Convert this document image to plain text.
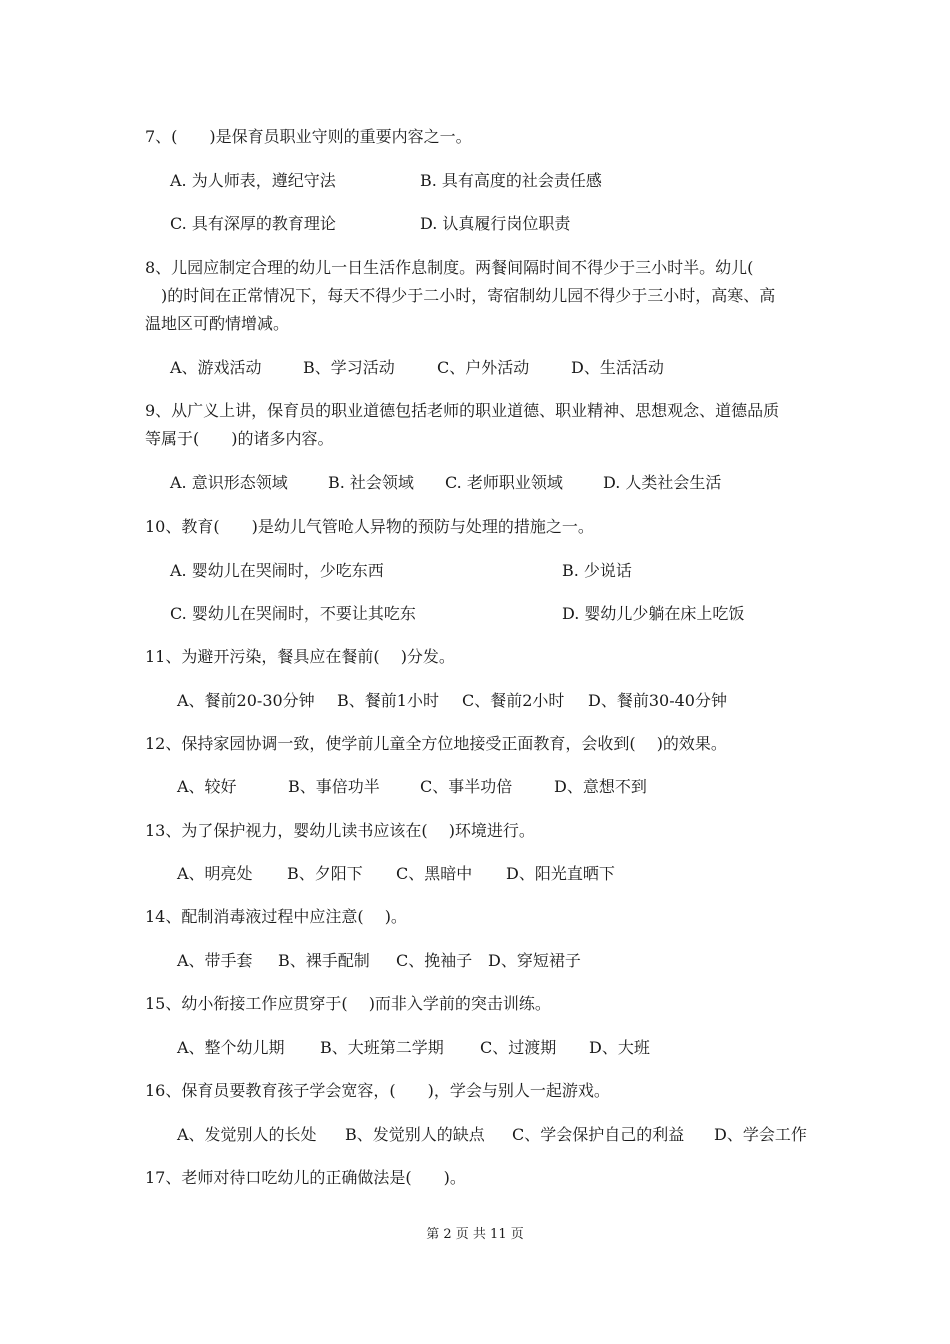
7、(　　)是保育员职业守则的重要内容之一。
A. 为人师表，遵纪守法	B. 具有高度的社会责任感
C. 具有深厚的教育理论	D. 认真履行岗位职责
8、儿园应制定合理的幼儿一日生活作息制度。两餐间隔时间不得少于三小时半。幼儿(
　)的时间在正常情况下，每天不得少于二小时，寄宿制幼儿园不得少于三小时，高寒、高
温地区可酌情增减。
A、游戏活动	B、学习活动	C、户外活动	D、生活活动
9、从广义上讲，保育员的职业道德包括老师的职业道德、职业精神、思想观念、道德品质
等属于(　　)的诸多内容。
A. 意识形态领域	B. 社会领域 C. 老师职业领域	D. 人类社会生活
10、教育(　　)是幼儿气管呛人异物的预防与处理的措施之一。
A. 婴幼儿在哭闹时，少吃东西	B. 少说话
C. 婴幼儿在哭闹时，不要让其吃东	D. 婴幼儿少躺在床上吃饭
11、为避开污染，餐具应在餐前(　 )分发。
A、餐前20-30分钟 B、餐前1小时 C、餐前2小时 D、餐前30-40分钟
12、保持家园协调一致，使学前儿童全方位地接受正面教育，会收到(　 )的效果。
A、较好	B、事倍功半	C、事半功倍	D、意想不到
13、为了保护视力，婴幼儿读书应该在(　 )环境进行。
A、明亮处 B、夕阳下 C、黑暗中 D、阳光直晒下
14、配制消毒液过程中应注意(　 )。
A、带手套 B、裸手配制 C、挽袖子 D、穿短裙子
15、幼小衔接工作应贯穿于(　 )而非入学前的突击训练。
A、整个幼儿期 B、大班第二学期 C、过渡期 D、大班
16、保育员要教育孩子学会宽容，(　　)，学会与别人一起游戏。
A、发觉别人的长处 B、发觉别人的缺点 C、学会保护自己的利益 D、学会工作
17、老师对待口吃幼儿的正确做法是(　　)。
第 2 页 共 11 页
